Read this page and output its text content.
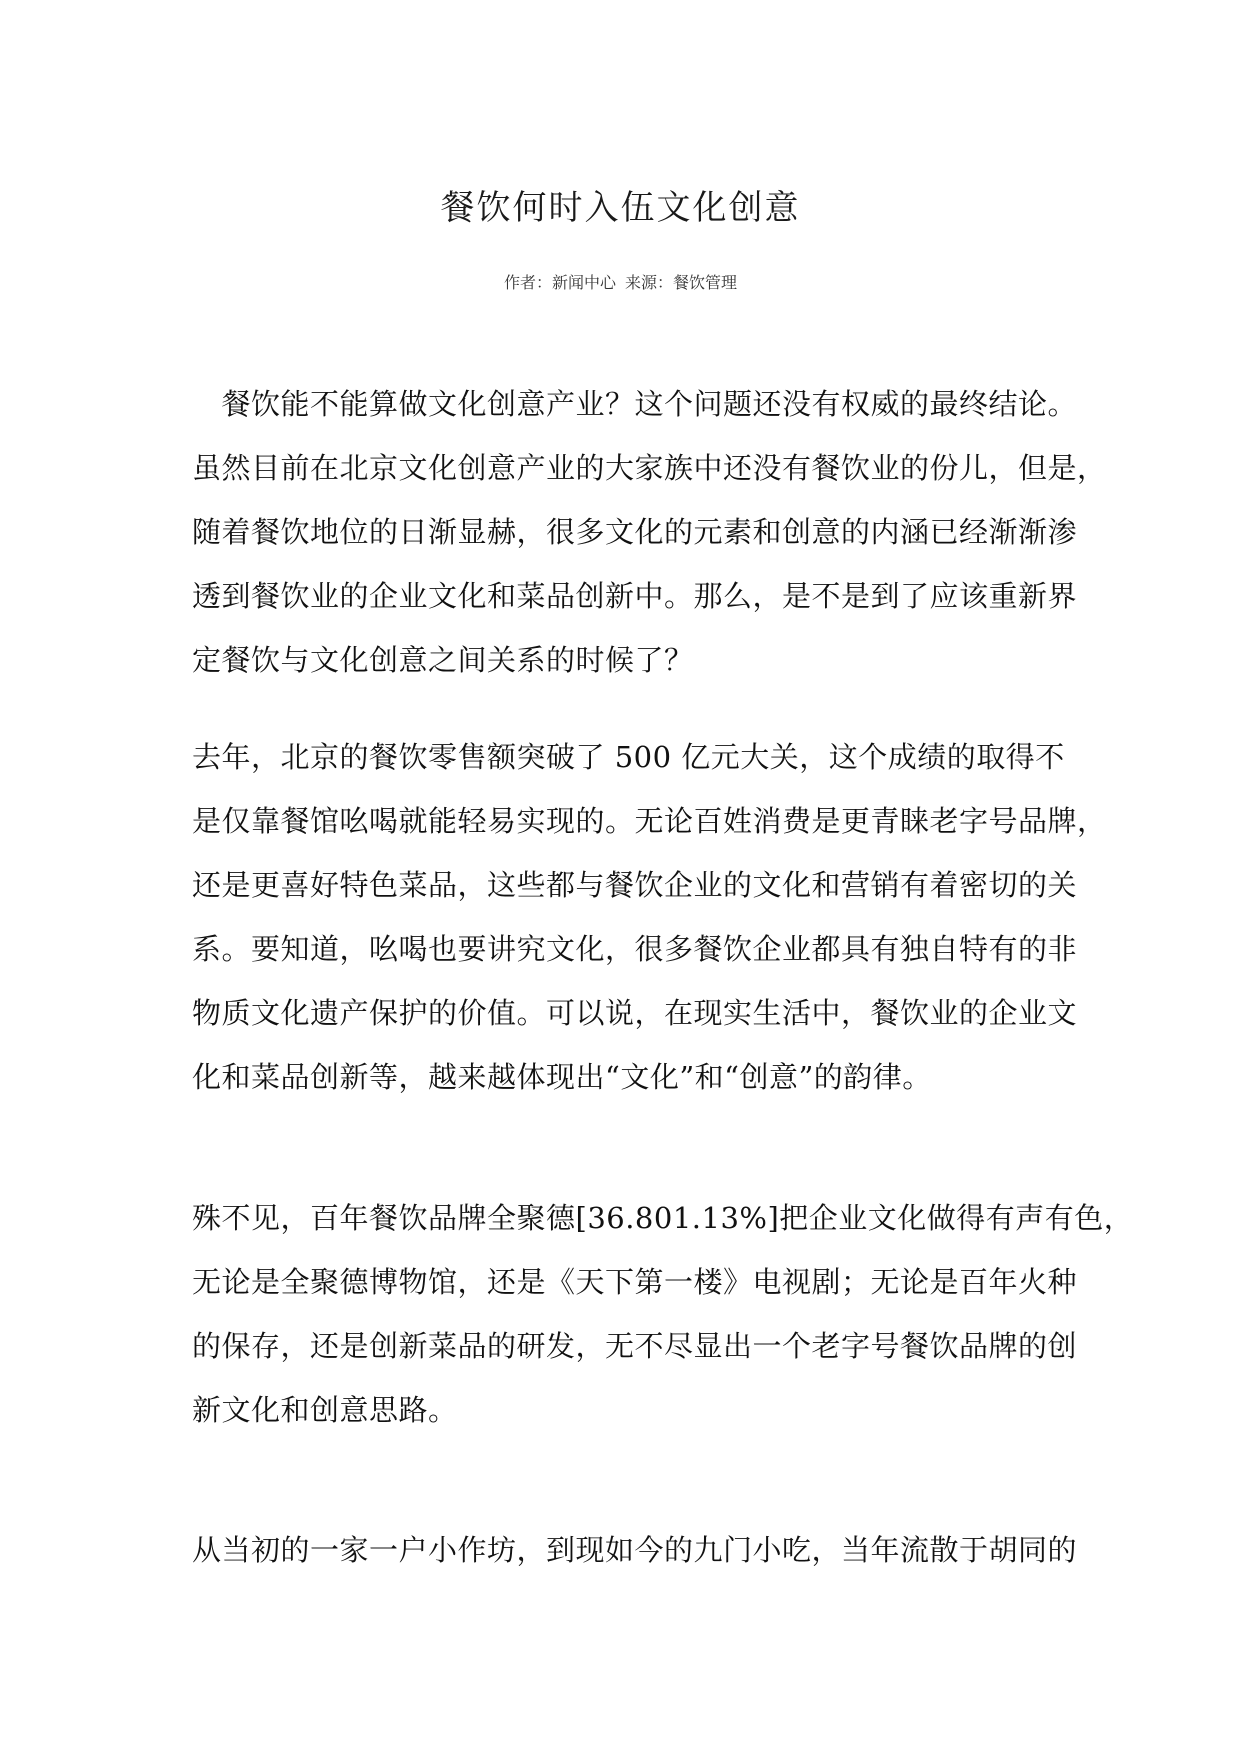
餐饮何时入伍文化创意
作者：新闻中心 来源：餐饮管理

　餐饮能不能算做文化创意产业？这个问题还没有权威的最终结论。
虽然目前在北京文化创意产业的大家族中还没有餐饮业的份儿，但是，
随着餐饮地位的日渐显赫，很多文化的元素和创意的内涵已经渐渐渗
透到餐饮业的企业文化和菜品创新中。那么，是不是到了应该重新界
定餐饮与文化创意之间关系的时候了？

去年，北京的餐饮零售额突破了 500 亿元大关，这个成绩的取得不
是仅靠餐馆吆喝就能轻易实现的。无论百姓消费是更青睐老字号品牌，
还是更喜好特色菜品，这些都与餐饮企业的文化和营销有着密切的关
系。要知道，吆喝也要讲究文化，很多餐饮企业都具有独自特有的非
物质文化遗产保护的价值。可以说，在现实生活中，餐饮业的企业文
化和菜品创新等，越来越体现出“文化”和“创意”的韵律。

殊不见，百年餐饮品牌全聚德[36.801.13%]把企业文化做得有声有色，
无论是全聚德博物馆，还是《天下第一楼》电视剧；无论是百年火种
的保存，还是创新菜品的研发，无不尽显出一个老字号餐饮品牌的创
新文化和创意思路。

从当初的一家一户小作坊，到现如今的九门小吃，当年流散于胡同的
